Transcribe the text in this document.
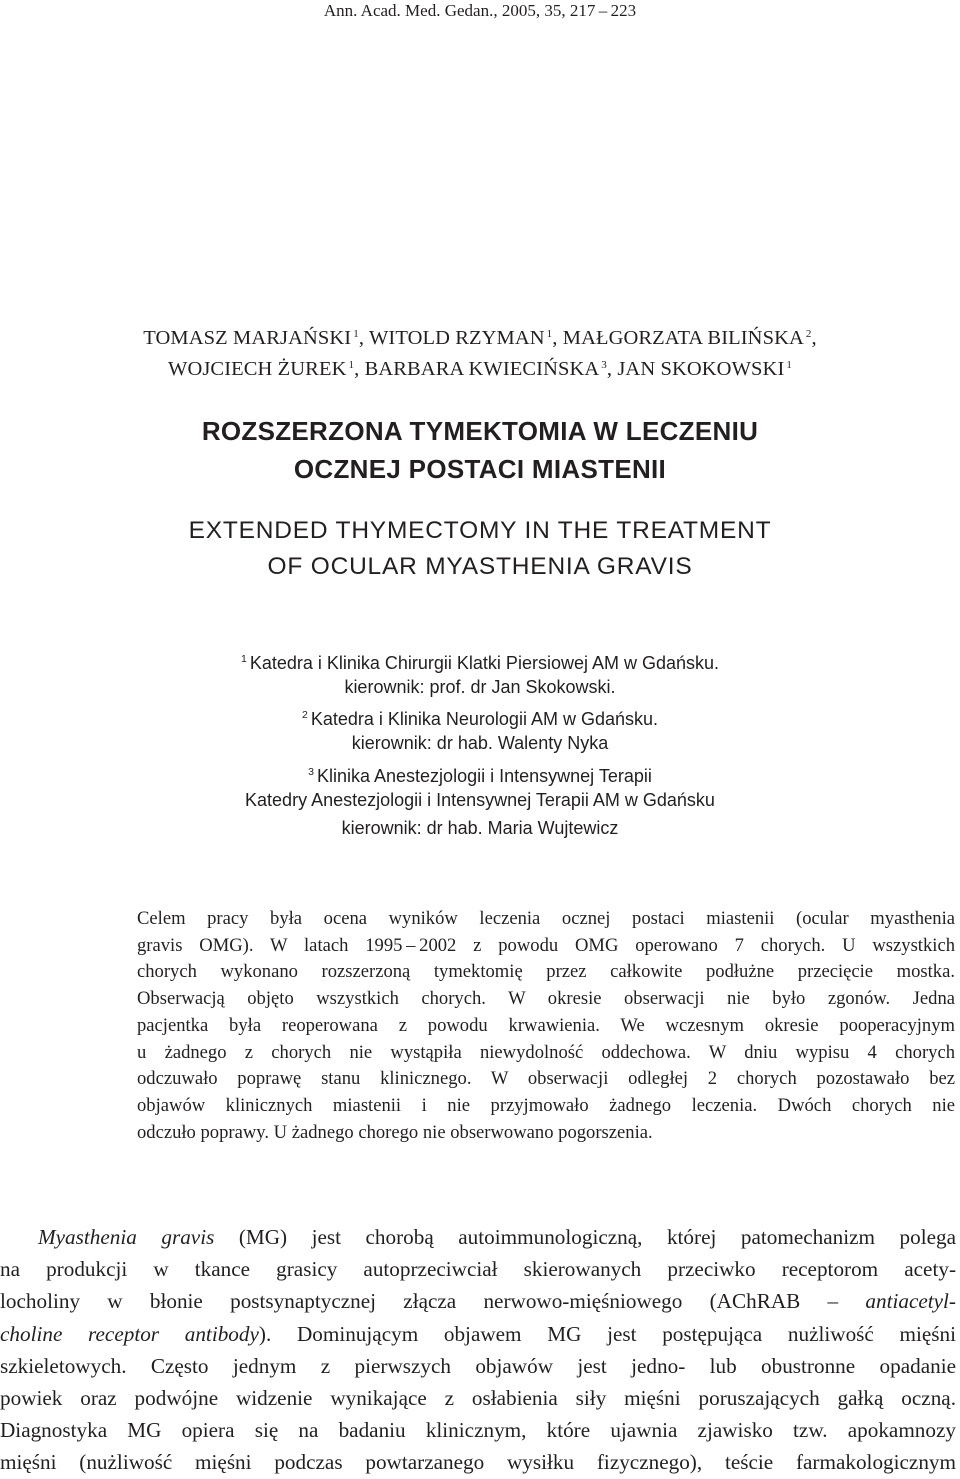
Ann. Acad. Med. Gedan., 2005, 35, 217 – 223
TOMASZ MARJAŃSKI $^1$, WITOLD RZYMAN $^1$, MAŁGORZATA BILIŃSKA $^2$,
WOJCIECH ŻUREK $^1$, BARBARA KWIECIŃSKA $^3$, JAN SKOKOWSKI $^1$
ROZSZERZONA TYMEKTOMIA W LECZENIU
OCZNEJ POSTACI MIASTENII
EXTENDED THYMECTOMY IN THE TREATMENT
OF OCULAR MYASTHENIA GRAVIS
$^1$ Katedra i Klinika Chirurgii Klatki Piersiowej AM w Gdańsku.
kierownik: prof. dr Jan Skokowski.
$^2$ Katedra i Klinika Neurologii AM w Gdańsku.
kierownik: dr hab. Walenty Nyka
$^3$ Klinika Anestezjologii i Intensywnej Terapii
Katedry Anestezjologii i Intensywnej Terapii AM w Gdańsku
kierownik: dr hab. Maria Wujtewicz
Celem pracy była ocena wyników leczenia ocznej postaci miastenii (ocular myasthenia
gravis OMG). W latach 1995 – 2002 z powodu OMG operowano 7 chorych. U wszystkich
chorych wykonano rozszerzoną tymektomię przez całkowite podłużne przecięcie mostka.
Obserwacją objęto wszystkich chorych. W okresie obserwacji nie było zgonów. Jedna
pacjentka była reoperowana z powodu krwawienia. We wczesnym okresie pooperacyjnym
u żadnego z chorych nie wystąpiła niewydolność oddechowa. W dniu wypisu 4 chorych
odczuwało poprawę stanu klinicznego. W obserwacji odległej 2 chorych pozostawało bez
objawów klinicznych miastenii i nie przyjmowało żadnego leczenia. Dwóch chorych nie
odczuło poprawy. U żadnego chorego nie obserwowano pogorszenia.
Myasthenia gravis (MG) jest chorobą autoimmunologiczną, której patomechanizm polega
na produkcji w tkance grasicy autoprzeciwciał skierowanych przeciwko receptorom acety-
locholiny w błonie postsynaptycznej złącza nerwowo-mięśniowego (AChRAB – antiacetyl-
choline receptor antibody). Dominującym objawem MG jest postępująca nużliwość mięśni
szkieletowych. Często jednym z pierwszych objawów jest jedno- lub obustronne opadanie
powiek oraz podwójne widzenie wynikające z osłabienia siły mięśni poruszających gałką oczną.
Diagnostyka MG opiera się na badaniu klinicznym, które ujawnia zjawisko tzw. apokamnozy
mięśni (nużliwość mięśni podczas powtarzanego wysiłku fizycznego), teście farmakologicznym
